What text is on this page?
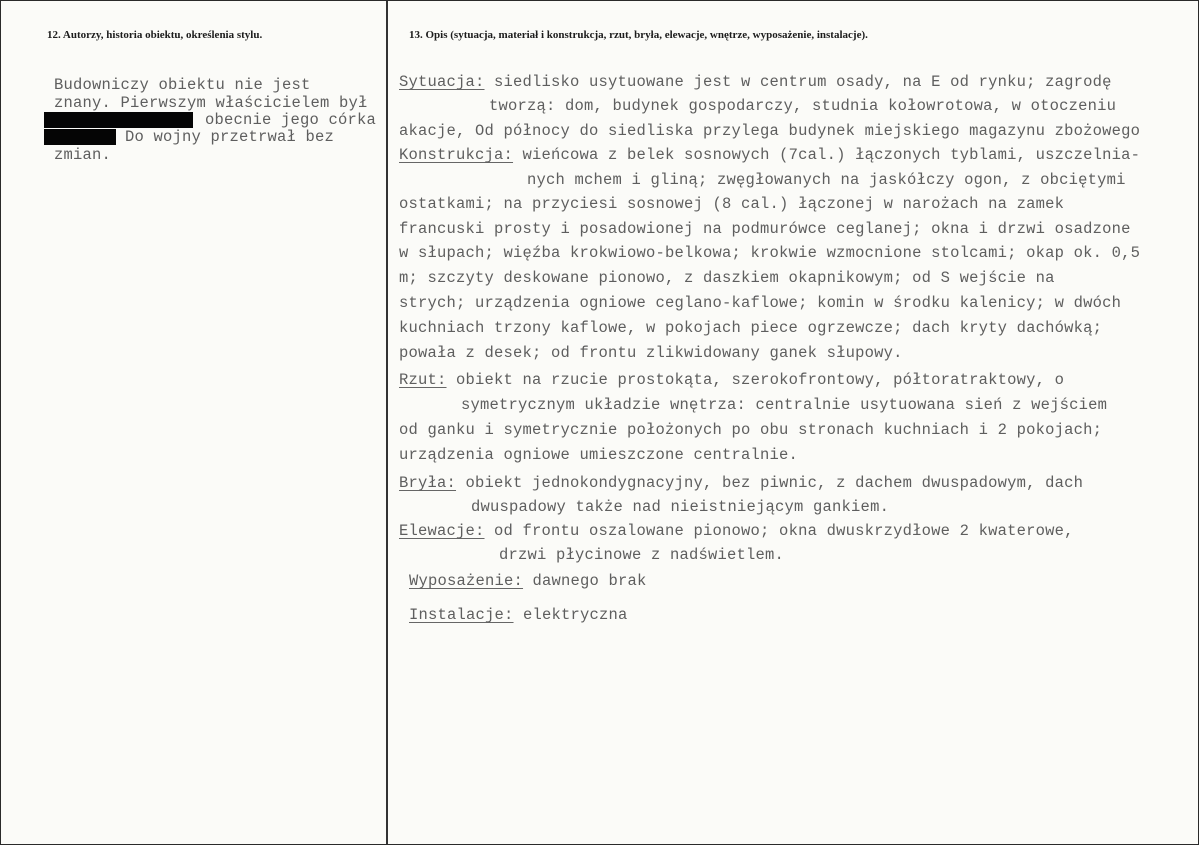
12. Autorzy, historia obiektu, określenia stylu.	13. Opis (sytuacja, materiał i konstrukcja, rzut, bryła, elewacje, wnętrze, wyposażenie, instalacje).
Budowniczy obiektu nie jest
znany. Pierwszym właścicielem był
obecnie jego córka
Do wojny przetrwał bez
zmian.
Sytuacja: siedlisko usytuowane jest w centrum osady, na E od rynku; zagrodę
tworzą: dom, budynek gospodarczy, studnia kołowrotowa, w otoczeniu
akacje, Od północy do siedliska przylega budynek miejskiego magazynu zbożowego
Konstrukcja: wieńcowa z belek sosnowych (7cal.) łączonych tyblami, uszczelnia-
nych mchem i gliną; zwęgłowanych na jaskółczy ogon, z obciętymi
ostatkami; na przyciesi sosnowej (8 cal.) łączonej w narożach na zamek
francuski prosty i posadowionej na podmurówce ceglanej; okna i drzwi osadzone
w słupach; więźba krokwiowo-belkowa; krokwie wzmocnione stolcami; okap ok. 0,5
m; szczyty deskowane pionowo, z daszkiem okapnikowym; od S wejście na
strych; urządzenia ogniowe ceglano-kaflowe; komin w środku kalenicy; w dwóch
kuchniach trzony kaflowe, w pokojach piece ogrzewcze; dach kryty dachówką;
powała z desek; od frontu zlikwidowany ganek słupowy.
Rzut: obiekt na rzucie prostokąta, szerokofrontowy, półtoratraktowy, o
symetrycznym układzie wnętrza: centralnie usytuowana sień z wejściem
od ganku i symetrycznie położonych po obu stronach kuchniach i 2 pokojach;
urządzenia ogniowe umieszczone centralnie.
Bryła: obiekt jednokondygnacyjny, bez piwnic, z dachem dwuspadowym, dach
dwuspadowy także nad nieistniejącym gankiem.
Elewacje: od frontu oszalowane pionowo; okna dwuskrzydłowe 2 kwaterowe,
drzwi płycinowe z nadświetlem.
Wyposażenie: dawnego brak
Instalacje: elektryczna
